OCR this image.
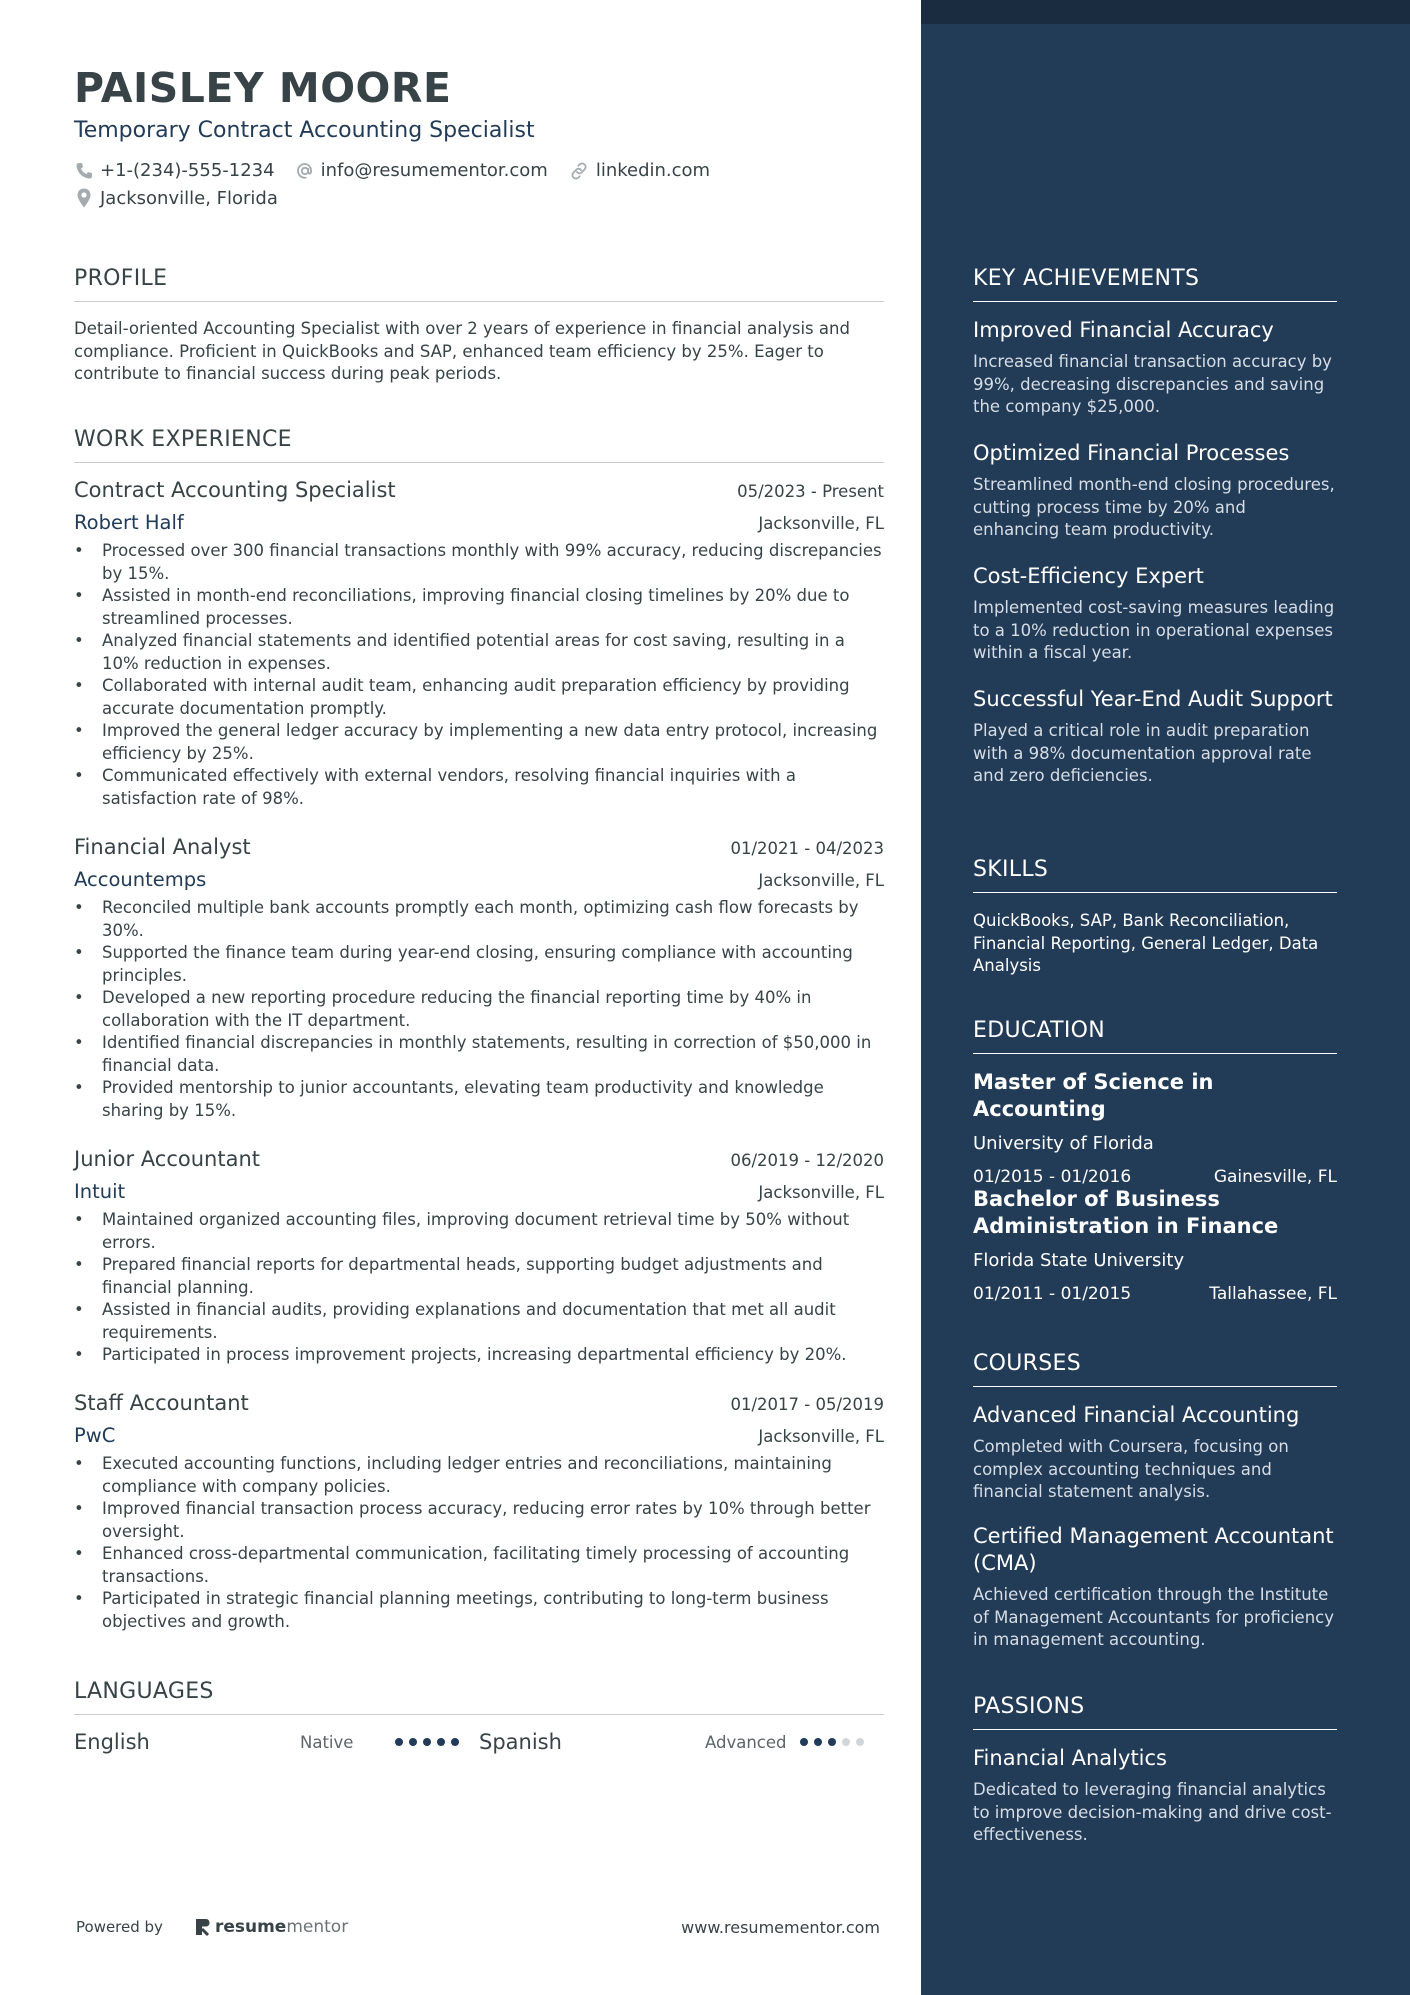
PAISLEY MOORE
Temporary Contract Accounting Specialist
+1-(234)-555-1234	info@resumementor.com	linkedin.com
Jacksonville, Florida
PROFILE
Detail-oriented Accounting Specialist with over 2 years of experience in financial analysis and compliance. Proficient in QuickBooks and SAP, enhanced team efficiency by 25%. Eager to contribute to financial success during peak periods.
WORK EXPERIENCE
Contract Accounting Specialist	05/2023 - Present
Robert Half	Jacksonville, FL
• Processed over 300 financial transactions monthly with 99% accuracy, reducing discrepancies by 15%.
• Assisted in month-end reconciliations, improving financial closing timelines by 20% due to streamlined processes.
• Analyzed financial statements and identified potential areas for cost saving, resulting in a 10% reduction in expenses.
• Collaborated with internal audit team, enhancing audit preparation efficiency by providing accurate documentation promptly.
• Improved the general ledger accuracy by implementing a new data entry protocol, increasing efficiency by 25%.
• Communicated effectively with external vendors, resolving financial inquiries with a satisfaction rate of 98%.
Financial Analyst	01/2021 - 04/2023
Accountemps	Jacksonville, FL
• Reconciled multiple bank accounts promptly each month, optimizing cash flow forecasts by 30%.
• Supported the finance team during year-end closing, ensuring compliance with accounting principles.
• Developed a new reporting procedure reducing the financial reporting time by 40% in collaboration with the IT department.
• Identified financial discrepancies in monthly statements, resulting in correction of $50,000 in financial data.
• Provided mentorship to junior accountants, elevating team productivity and knowledge sharing by 15%.
Junior Accountant	06/2019 - 12/2020
Intuit	Jacksonville, FL
• Maintained organized accounting files, improving document retrieval time by 50% without errors.
• Prepared financial reports for departmental heads, supporting budget adjustments and financial planning.
• Assisted in financial audits, providing explanations and documentation that met all audit requirements.
• Participated in process improvement projects, increasing departmental efficiency by 20%.
Staff Accountant	01/2017 - 05/2019
PwC	Jacksonville, FL
• Executed accounting functions, including ledger entries and reconciliations, maintaining compliance with company policies.
• Improved financial transaction process accuracy, reducing error rates by 10% through better oversight.
• Enhanced cross-departmental communication, facilitating timely processing of accounting transactions.
• Participated in strategic financial planning meetings, contributing to long-term business objectives and growth.
LANGUAGES
English	Native	Spanish	Advanced
Powered by	resume mentor	www.resumementor.com
KEY ACHIEVEMENTS
Improved Financial Accuracy
Increased financial transaction accuracy by 99%, decreasing discrepancies and saving the company $25,000.
Optimized Financial Processes
Streamlined month-end closing procedures, cutting process time by 20% and enhancing team productivity.
Cost-Efficiency Expert
Implemented cost-saving measures leading to a 10% reduction in operational expenses within a fiscal year.
Successful Year-End Audit Support
Played a critical role in audit preparation with a 98% documentation approval rate and zero deficiencies.
SKILLS
QuickBooks, SAP, Bank Reconciliation, Financial Reporting, General Ledger, Data Analysis
EDUCATION
Master of Science in Accounting
University of Florida
01/2015 - 01/2016	Gainesville, FL
Bachelor of Business Administration in Finance
Florida State University
01/2011 - 01/2015	Tallahassee, FL
COURSES
Advanced Financial Accounting
Completed with Coursera, focusing on complex accounting techniques and financial statement analysis.
Certified Management Accountant (CMA)
Achieved certification through the Institute of Management Accountants for proficiency in management accounting.
PASSIONS
Financial Analytics
Dedicated to leveraging financial analytics to improve decision-making and drive cost-effectiveness.
